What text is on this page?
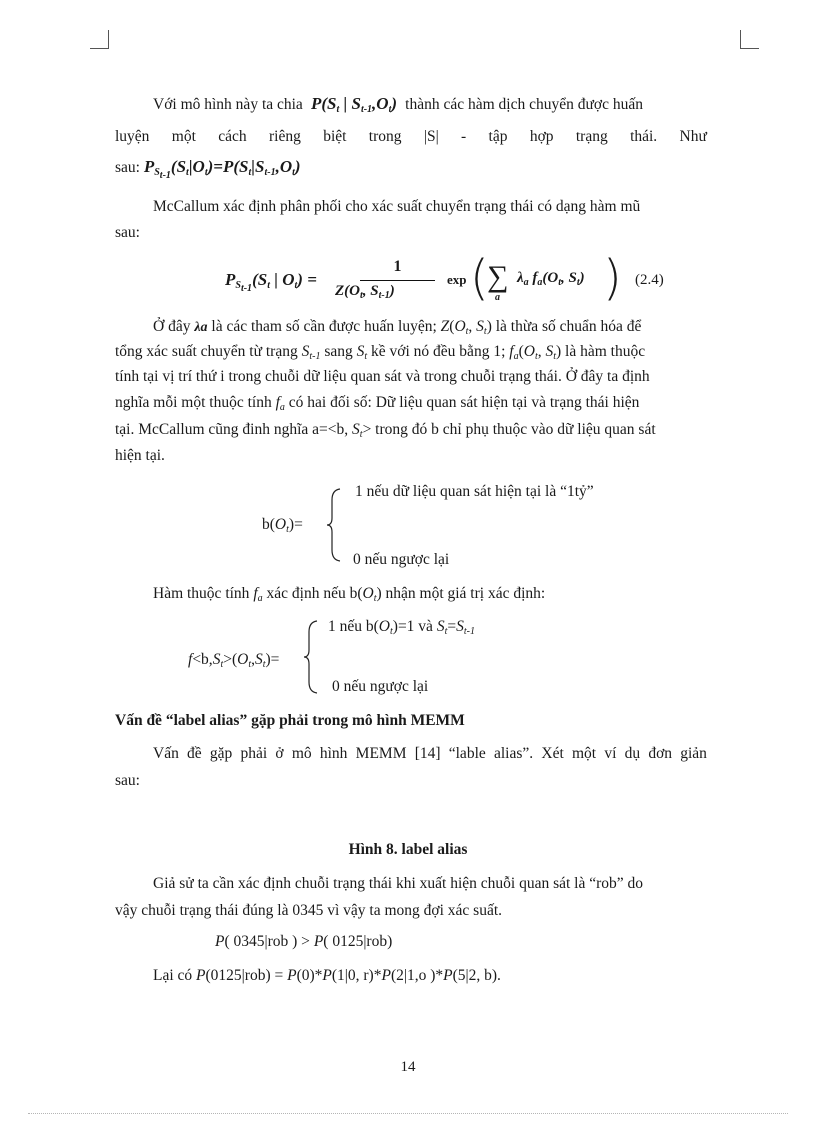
Với mô hình này ta chia  $P(S_t$ | $S_{t-1},O_t$)  thành các hàm dịch chuyển được huấn
luyện một cách riêng biệt trong |S| - tập hợp trạng thái. Như
sau: $P_{S_{t-1}}(S_t|O_t)=P(S_t|S_{t-1},O_t)$
McCallum xác định phân phối cho xác suất chuyển trạng thái có dạng hàm mũ
sau:
$P_{S_{t-1}}(S_t$ | $O_t$) =
1
$Z(O_t$, $S_{t-1}$)
exp (
∑
a
$\lambda_a$ $f_a(O_t$, $S_t$) ) (2.4)
Ở đây λa là các tham số cần được huấn luyện; $Z(O_t$, $S_t$) là thừa số chuẩn hóa để
tổng xác suất chuyển từ trạng $S_{t-1}$ sang $S_t$ kề với nó đều bằng 1; $f_a(O_t$, $S_t$) là hàm thuộc
tính tại vị trí thứ i trong chuỗi dữ liệu quan sát và trong chuỗi trạng thái. Ở đây ta định
nghĩa mỗi một thuộc tính $f_a$ có hai đối số: Dữ liệu quan sát hiện tại và trạng thái hiện
tại. McCallum cũng đinh nghĩa a=<b, $S_t>$ trong đó b chỉ phụ thuộc vào dữ liệu quan sát
hiện tại.
$b(O_t)=$
1 nếu dữ liệu quan sát hiện tại là “1tỷ”
0 nếu ngược lại
Hàm thuộc tính $f_a$ xác định nếu $b(O_t)$ nhận một giá trị xác định:
$f<b,S_t>(O_t,S_t)=$
1 nếu $b(O_t)=1$ và $S_t=S_{t-1}$
0 nếu ngược lại
Vấn đề “label alias” gặp phải trong mô hình MEMM
Vấn đề gặp phải ở mô hình MEMM [14] “lable alias”. Xét một ví dụ đơn giản
sau:
Hình 8. label alias
Giả sử ta cần xác định chuỗi trạng thái khi xuất hiện chuỗi quan sát là “rob” do
vậy chuỗi trạng thái đúng là 0345 vì vậy ta mong đợi xác suất.
P( 0345|rob ) > P( 0125|rob)
Lại có P(0125|rob) = P(0)*P(1|0, r)*P(2|1,o )*P(5|2, b).
14
